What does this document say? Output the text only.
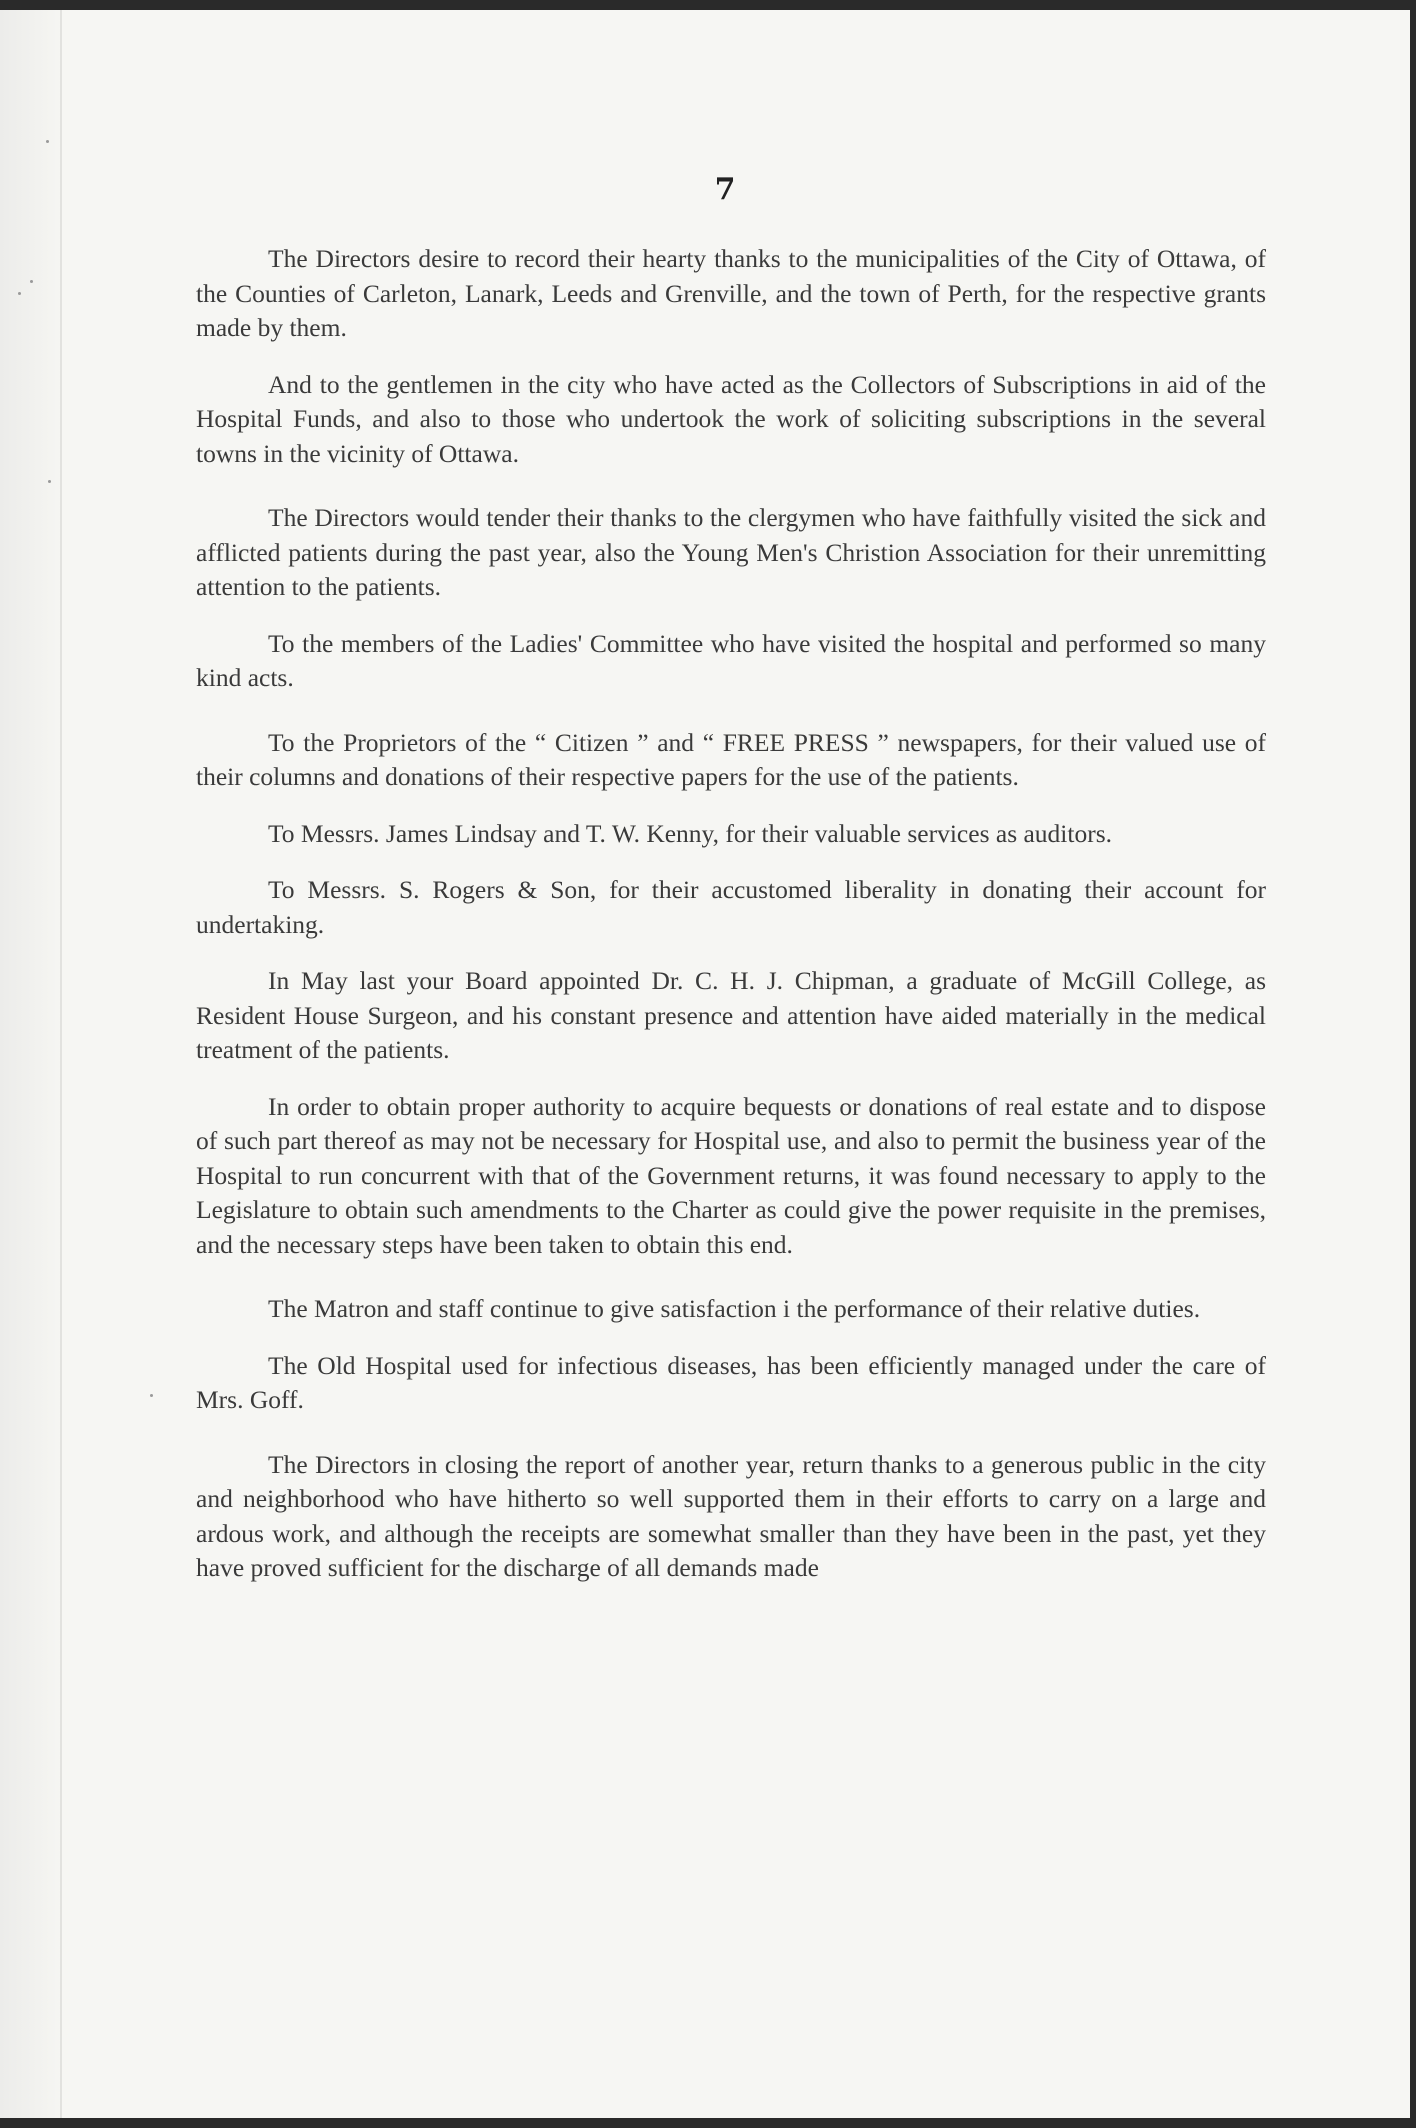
7

The Directors desire to record their hearty thanks to the municipalities of the City of Ottawa, of the Counties of Carleton, Lanark, Leeds and Grenville, and the town of Perth, for the respective grants made by them.

And to the gentlemen in the city who have acted as the Collectors of Subscriptions in aid of the Hospital Funds, and also to those who undertook the work of soliciting subscriptions in the several towns in the vicinity of Ottawa.

The Directors would tender their thanks to the clergymen who have faithfully visited the sick and afflicted patients during the past year, also the Young Men's Christion Association for their unremitting attention to the patients.

To the members of the Ladies' Committee who have visited the hospital and performed so many kind acts.

To the Proprietors of the “ Citizen ” and “ FREE PRESS ” newspapers, for their valued use of their columns and donations of their respective papers for the use of the patients.

To Messrs. James Lindsay and T. W. Kenny, for their valuable services as auditors.

To Messrs. S. Rogers & Son, for their accustomed liberality in donating their account for undertaking.

In May last your Board appointed Dr. C. H. J. Chipman, a graduate of McGill College, as Resident House Surgeon, and his constant presence and attention have aided materially in the medical treatment of the patients.

In order to obtain proper authority to acquire bequests or donations of real estate and to dispose of such part thereof as may not be necessary for Hospital use, and also to permit the business year of the Hospital to run concurrent with that of the Government returns, it was found necessary to apply to the Legislature to obtain such amendments to the Charter as could give the power requisite in the premises, and the necessary steps have been taken to obtain this end.

The Matron and staff continue to give satisfaction i the performance of their relative duties.

The Old Hospital used for infectious diseases, has been efficiently managed under the care of Mrs. Goff.

The Directors in closing the report of another year, return thanks to a generous public in the city and neighborhood who have hitherto so well supported them in their efforts to carry on a large and ardous work, and although the receipts are somewhat smaller than they have been in the past, yet they have proved sufficient for the discharge of all demands made
